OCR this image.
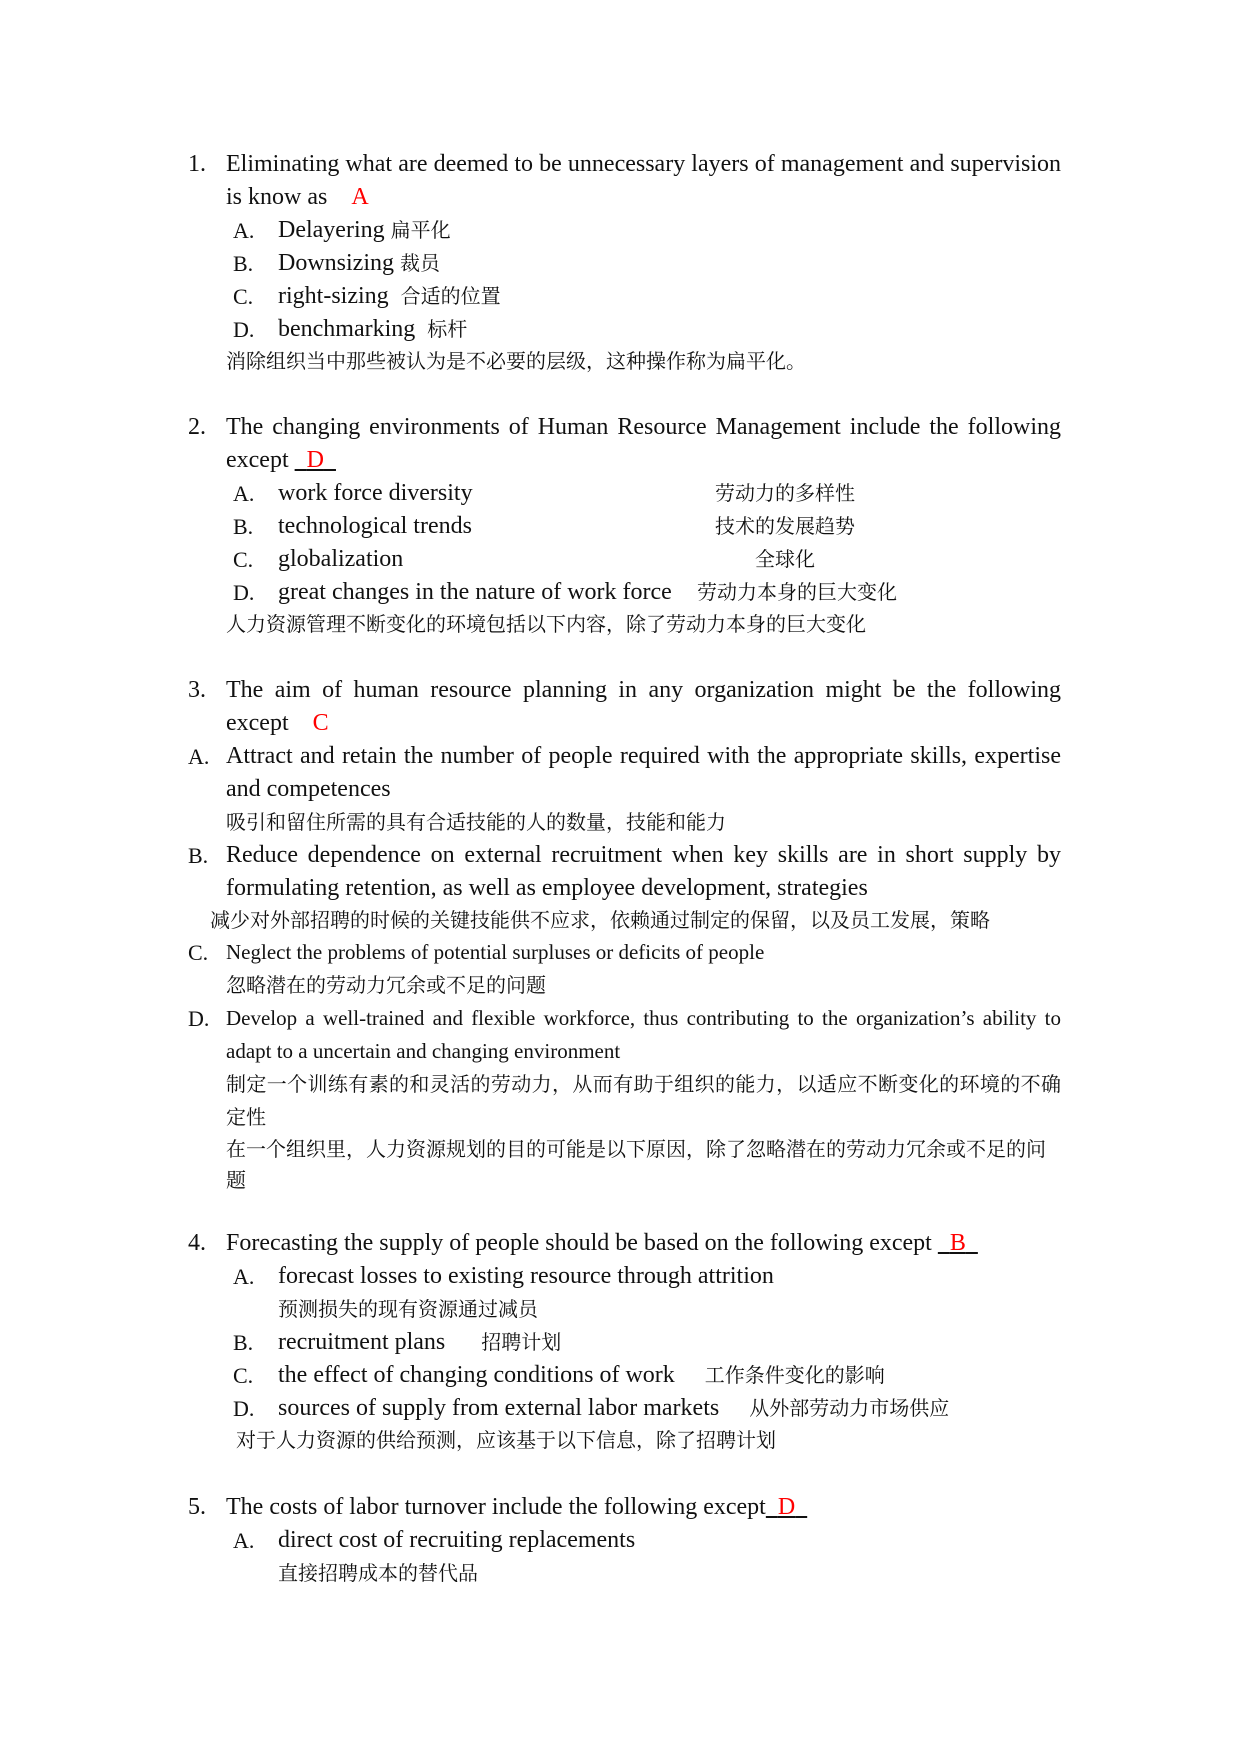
1. Eliminating what are deemed to be unnecessary layers of management and supervision is know as A
A. Delayering 扁平化
B.	Downsizing 裁员
C.	right-sizing 合适的位置
D. benchmarking 标杆
消除组织当中那些被认为是不必要的层级，这种操作称为扁平化。
2. The changing environments of Human Resource Management include the following except D
A. work force diversity	劳动力的多样性
B.	technological trends	技术的发展趋势
C.	globalization	全球化
D. great changes in the nature of work force	劳动力本身的巨大变化
人力资源管理不断变化的环境包括以下内容，除了劳动力本身的巨大变化
3. The aim of human resource planning in any organization might be the following except C
A. Attract and retain the number of people required with the appropriate skills, expertise and competences
吸引和留住所需的具有合适技能的人的数量，技能和能力
B. Reduce dependence on external recruitment when key skills are in short supply by formulating retention, as well as employee development, strategies
减少对外部招聘的时候的关键技能供不应求，依赖通过制定的保留，以及员工发展，策略
C. Neglect the problems of potential surpluses or deficits of people
忽略潜在的劳动力冗余或不足的问题
D. Develop a well-trained and flexible workforce, thus contributing to the organization’s ability to adapt to a uncertain and changing environment
制定一个训练有素的和灵活的劳动力，从而有助于组织的能力，以适应不断变化的环境的不确定性
在一个组织里，人力资源规划的目的可能是以下原因，除了忽略潜在的劳动力冗余或不足的问题
4. Forecasting the supply of people should be based on the following except B
A. forecast losses to existing resource through attrition
预测损失的现有资源通过减员
B.	recruitment plans 招聘计划
C.	the effect of changing conditions of work 工作条件变化的影响
D. sources of supply from external labor markets 从外部劳动力市场供应
对于人力资源的供给预测，应该基于以下信息，除了招聘计划
5. The costs of labor turnover include the following except D
A. direct cost of recruiting replacements
直接招聘成本的替代品
